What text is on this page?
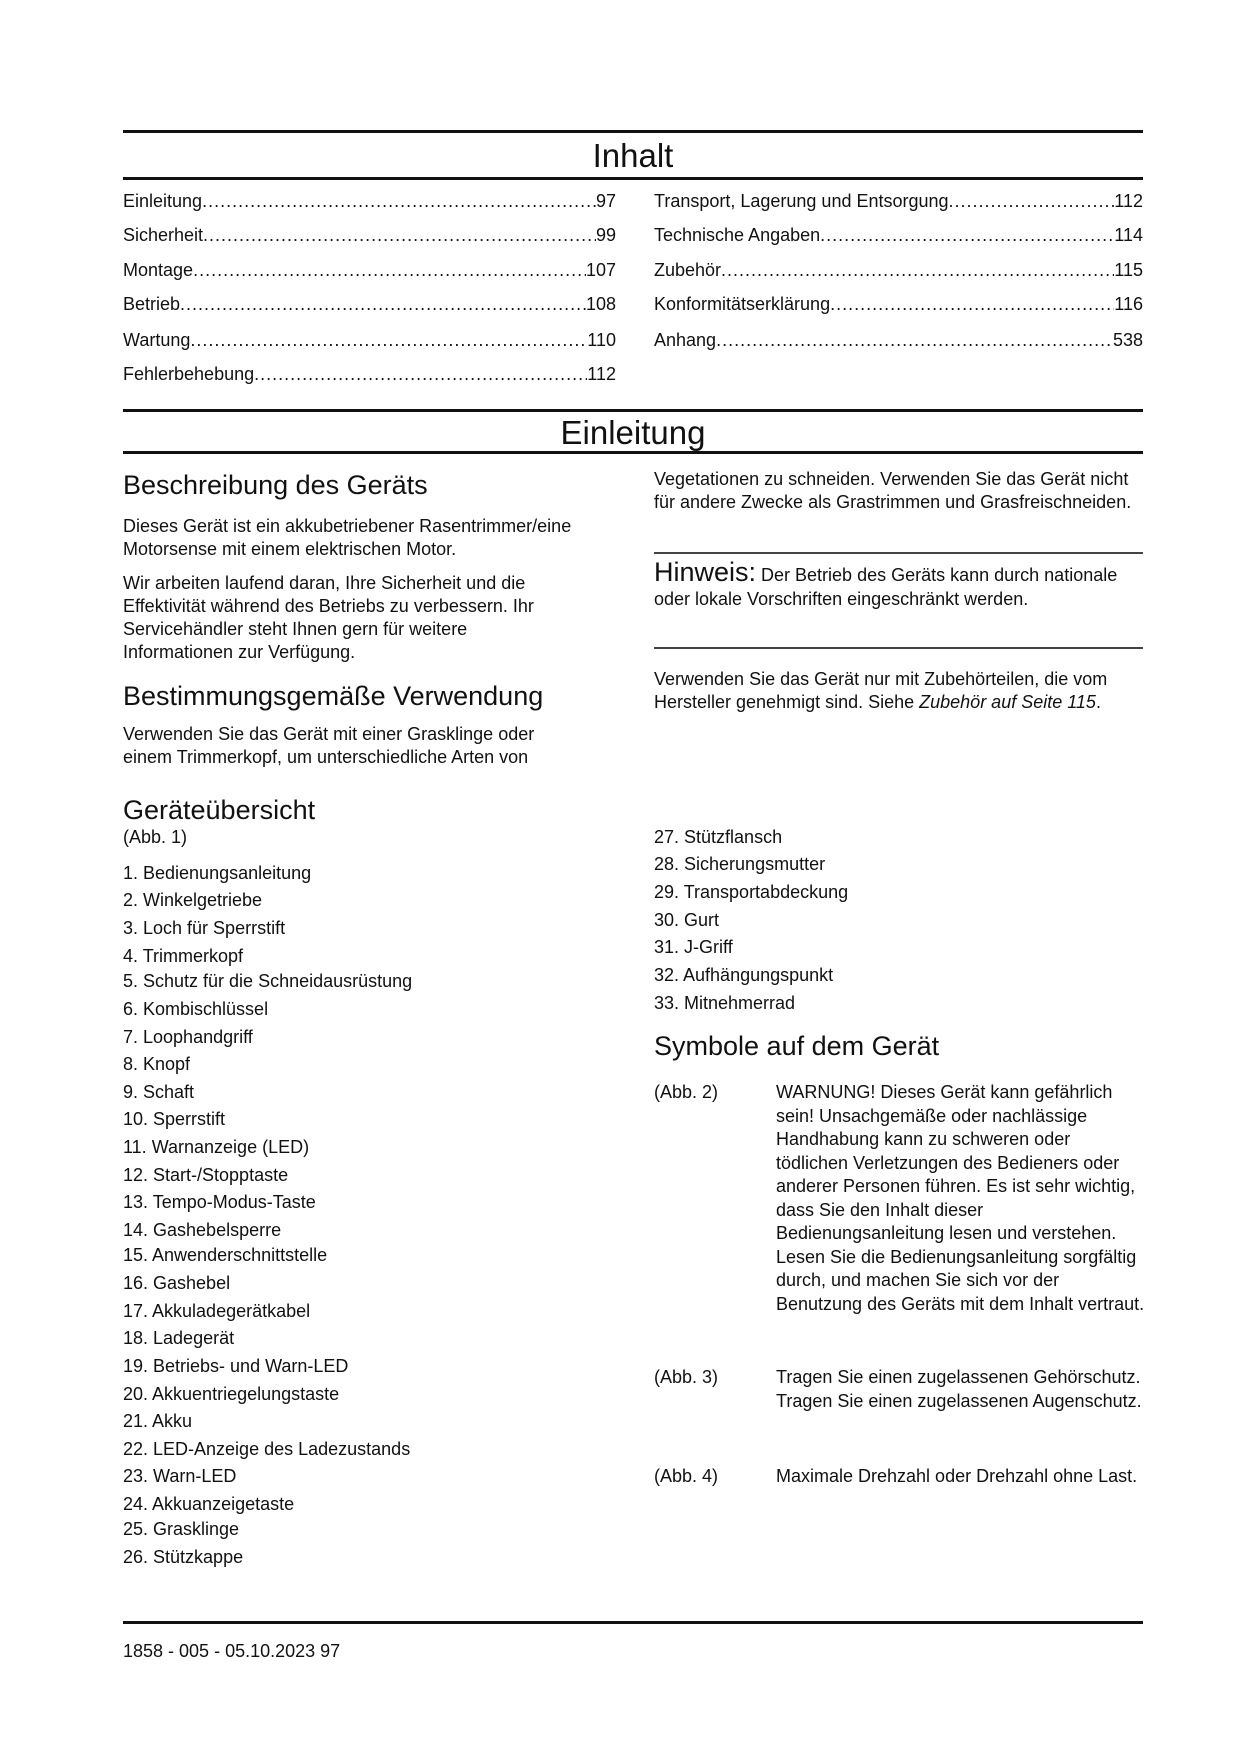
Inhalt
Einleitung .....	97
Sicherheit .....	99
Montage .....	107
Betrieb .....	108
Wartung .....	110
Fehlerbehebung .....	112
Transport, Lagerung und Entsorgung .....	112
Technische Angaben .....	114
Zubehör .....	115
Konformitätserklärung .....	116
Anhang .....	538
Einleitung
Beschreibung des Geräts
Dieses Gerät ist ein akkubetriebener Rasentrimmer/eine Motorsense mit einem elektrischen Motor.
Wir arbeiten laufend daran, Ihre Sicherheit und die Effektivität während des Betriebs zu verbessern. Ihr Servicehändler steht Ihnen gern für weitere Informationen zur Verfügung.
Bestimmungsgemäße Verwendung
Verwenden Sie das Gerät mit einer Grasklinge oder einem Trimmerkopf, um unterschiedliche Arten von
Vegetationen zu schneiden. Verwenden Sie das Gerät nicht für andere Zwecke als Grastrimmen und Grasfreischneiden.
Hinweis: Der Betrieb des Geräts kann durch nationale oder lokale Vorschriften eingeschränkt werden.
Verwenden Sie das Gerät nur mit Zubehörteilen, die vom Hersteller genehmigt sind. Siehe Zubehör auf Seite 115.
Geräteübersicht
(Abb. 1)
1. Bedienungsanleitung
2. Winkelgetriebe
3. Loch für Sperrstift
4. Trimmerkopf
5. Schutz für die Schneidausrüstung
6. Kombischlüssel
7. Loophandgriff
8. Knopf
9. Schaft
10. Sperrstift
11. Warnanzeige (LED)
12. Start-/Stopptaste
13. Tempo-Modus-Taste
14. Gashebelsperre
15. Anwenderschnittstelle
16. Gashebel
17. Akkuladegerätkabel
18. Ladegerät
19. Betriebs- und Warn-LED
20. Akkuentriegelungstaste
21. Akku
22. LED-Anzeige des Ladezustands
23. Warn-LED
24. Akkuanzeigetaste
25. Grasklinge
26. Stützkappe
27. Stützflansch
28. Sicherungsmutter
29. Transportabdeckung
30. Gurt
31. J-Griff
32. Aufhängungspunkt
33. Mitnehmerrad
Symbole auf dem Gerät
(Abb. 2)	WARNUNG! Dieses Gerät kann gefährlich sein! Unsachgemäße oder nachlässige Handhabung kann zu schweren oder tödlichen Verletzungen des Bedieners oder anderer Personen führen. Es ist sehr wichtig, dass Sie den Inhalt dieser Bedienungsanleitung lesen und verstehen. Lesen Sie die Bedienungsanleitung sorgfältig durch, und machen Sie sich vor der Benutzung des Geräts mit dem Inhalt vertraut.
(Abb. 3)	Tragen Sie einen zugelassenen Gehörschutz. Tragen Sie einen zugelassenen Augenschutz.
(Abb. 4)	Maximale Drehzahl oder Drehzahl ohne Last.
1858 - 005 - 05.10.2023 97
